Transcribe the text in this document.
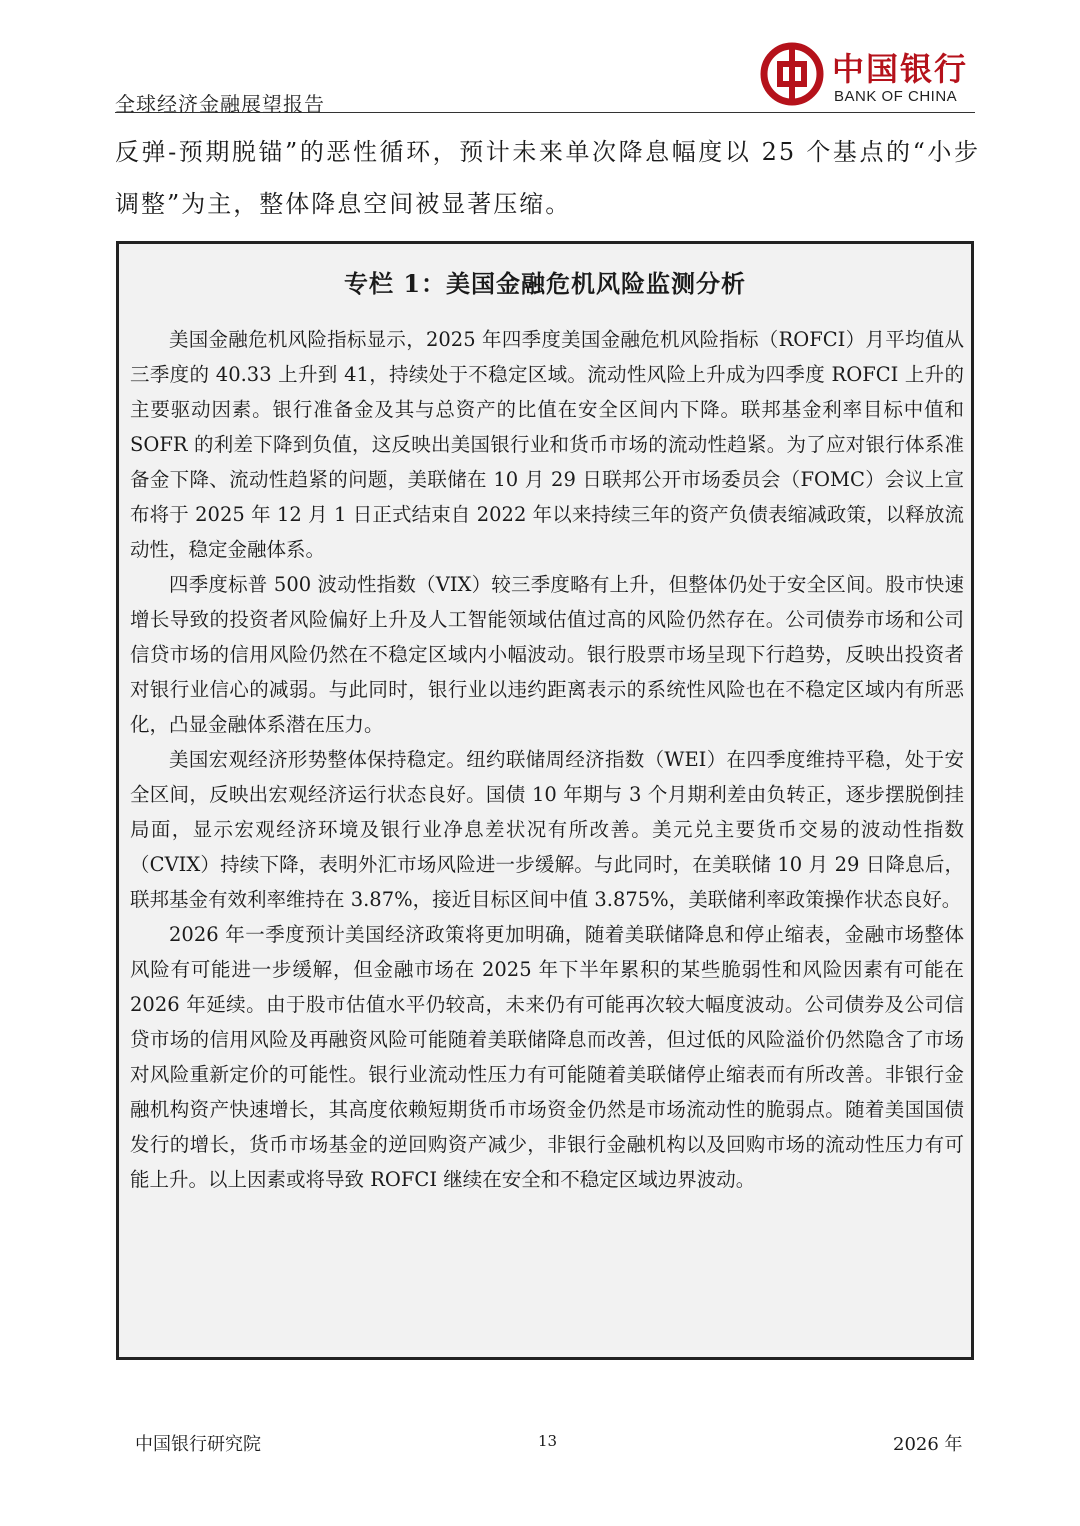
全球经济金融展望报告
中国银行
BANK OF CHINA

反弹-预期脱锚”的恶性循环，预计未来单次降息幅度以 25 个基点的“小步调整”为主，整体降息空间被显著压缩。

专栏 1：美国金融危机风险监测分析

美国金融危机风险指标显示，2025 年四季度美国金融危机风险指标（ROFCI）月平均值从三季度的 40.33 上升到 41，持续处于不稳定区域。流动性风险上升成为四季度 ROFCI 上升的主要驱动因素。银行准备金及其与总资产的比值在安全区间内下降。联邦基金利率目标中值和 SOFR 的利差下降到负值，这反映出美国银行业和货币市场的流动性趋紧。为了应对银行体系准备金下降、流动性趋紧的问题，美联储在 10 月 29 日联邦公开市场委员会（FOMC）会议上宣布将于 2025 年 12 月 1 日正式结束自 2022 年以来持续三年的资产负债表缩减政策，以释放流动性，稳定金融体系。

四季度标普 500 波动性指数（VIX）较三季度略有上升，但整体仍处于安全区间。股市快速增长导致的投资者风险偏好上升及人工智能领域估值过高的风险仍然存在。公司债券市场和公司信贷市场的信用风险仍然在不稳定区域内小幅波动。银行股票市场呈现下行趋势，反映出投资者对银行业信心的减弱。与此同时，银行业以违约距离表示的系统性风险也在不稳定区域内有所恶化，凸显金融体系潜在压力。

美国宏观经济形势整体保持稳定。纽约联储周经济指数（WEI）在四季度维持平稳，处于安全区间，反映出宏观经济运行状态良好。国债 10 年期与 3 个月期利差由负转正，逐步摆脱倒挂局面，显示宏观经济环境及银行业净息差状况有所改善。美元兑主要货币交易的波动性指数（CVIX）持续下降，表明外汇市场风险进一步缓解。与此同时，在美联储 10 月 29 日降息后，联邦基金有效利率维持在 3.87%，接近目标区间中值 3.875%，美联储利率政策操作状态良好。

2026 年一季度预计美国经济政策将更加明确，随着美联储降息和停止缩表，金融市场整体风险有可能进一步缓解，但金融市场在 2025 年下半年累积的某些脆弱性和风险因素有可能在 2026 年延续。由于股市估值水平仍较高，未来仍有可能再次较大幅度波动。公司债券及公司信贷市场的信用风险及再融资风险可能随着美联储降息而改善，但过低的风险溢价仍然隐含了市场对风险重新定价的可能性。银行业流动性压力有可能随着美联储停止缩表而有所改善。非银行金融机构资产快速增长，其高度依赖短期货币市场资金仍然是市场流动性的脆弱点。随着美国国债发行的增长，货币市场基金的逆回购资产减少，非银行金融机构以及回购市场的流动性压力有可能上升。以上因素或将导致 ROFCI 继续在安全和不稳定区域边界波动。

中国银行研究院	13	2026 年
